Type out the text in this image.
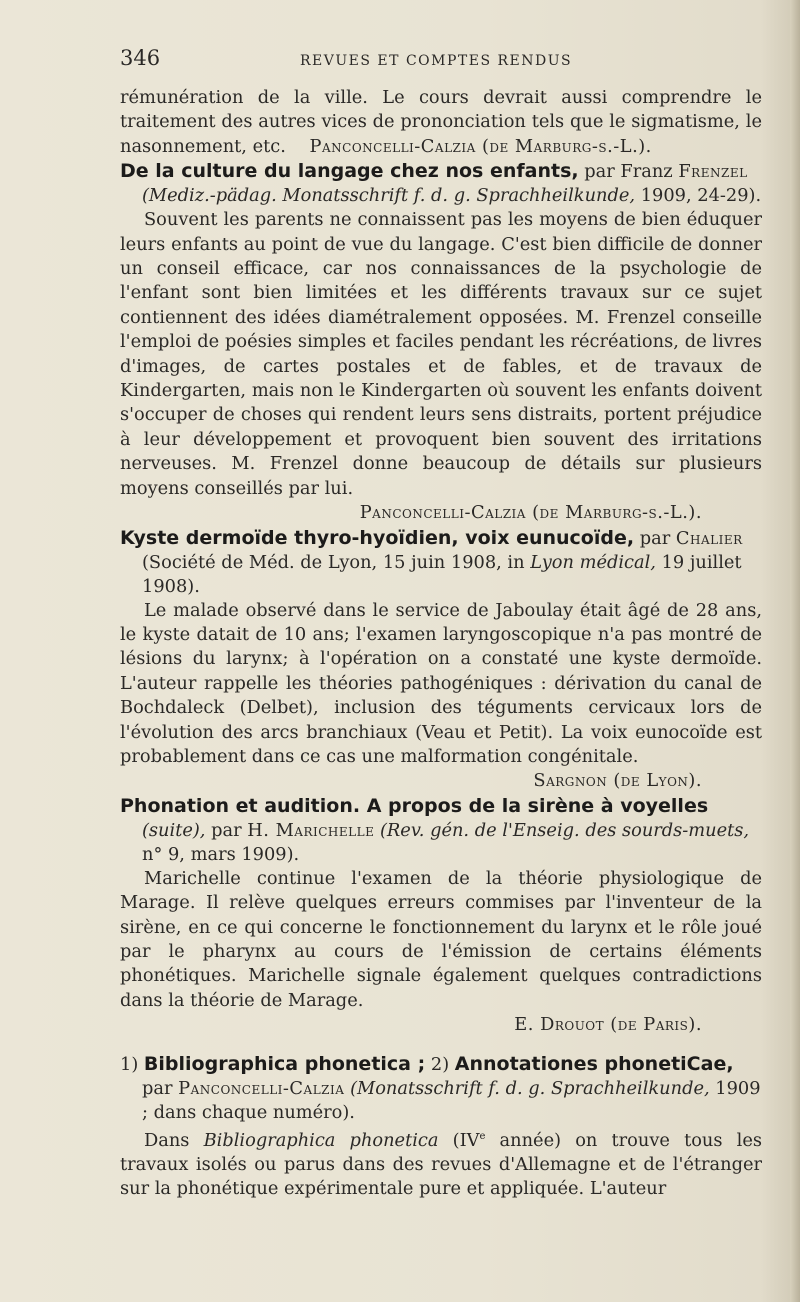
346	REVUES ET COMPTES RENDUS

rémunération de la ville. Le cours devrait aussi comprendre le traitement des autres vices de prononciation tels que le sigmatisme, le nasonnement, etc. Panconcelli-Calzia (de Marburg-s.-L.).

De la culture du langage chez nos enfants, par Franz Frenzel (Mediz.-pädag. Monatsschrift f. d. g. Sprachheilkunde, 1909, 24-29).

Souvent les parents ne connaissent pas les moyens de bien éduquer leurs enfants au point de vue du langage. C'est bien difficile de donner un conseil efficace, car nos connaissances de la psychologie de l'enfant sont bien limitées et les différents travaux sur ce sujet contiennent des idées diamétralement opposées. M. Frenzel conseille l'emploi de poésies simples et faciles pendant les récréations, de livres d'images, de cartes postales et de fables, et de travaux de Kindergarten, mais non le Kindergarten où souvent les enfants doivent s'occuper de choses qui rendent leurs sens distraits, portent préjudice à leur développement et provoquent bien souvent des irritations nerveuses. M. Frenzel donne beaucoup de détails sur plusieurs moyens conseillés par lui.

Panconcelli-Calzia (de Marburg-s.-L.).

Kyste dermoïde thyro-hyoïdien, voix eunucoïde, par Chalier (Société de Méd. de Lyon, 15 juin 1908, in Lyon médical, 19 juillet 1908).

Le malade observé dans le service de Jaboulay était âgé de 28 ans, le kyste datait de 10 ans; l'examen laryngoscopique n'a pas montré de lésions du larynx; à l'opération on a constaté une kyste dermoïde. L'auteur rappelle les théories pathogéniques : dérivation du canal de Bochdaleck (Delbet), inclusion des téguments cervicaux lors de l'évolution des arcs branchiaux (Veau et Petit). La voix eunocoïde est probablement dans ce cas une malformation congénitale.

Sargnon (de Lyon).

Phonation et audition. A propos de la sirène à voyelles (suite), par H. Marichelle (Rev. gén. de l'Enseig. des sourds-muets, n° 9, mars 1909).

Marichelle continue l'examen de la théorie physiologique de Marage. Il relève quelques erreurs commises par l'inventeur de la sirène, en ce qui concerne le fonctionnement du larynx et le rôle joué par le pharynx au cours de l'émission de certains éléments phonétiques. Marichelle signale également quelques contradictions dans la théorie de Marage.

E. Drouot (de Paris).

1) Bibliographica phonetica ; 2) Annotationes phonetiCae, par Panconcelli-Calzia (Monatsschrift f. d. g. Sprachheilkunde, 1909 ; dans chaque numéro).

Dans Bibliographica phonetica (IVe année) on trouve tous les travaux isolés ou parus dans des revues d'Allemagne et de l'étranger sur la phonétique expérimentale pure et appliquée. L'auteur
